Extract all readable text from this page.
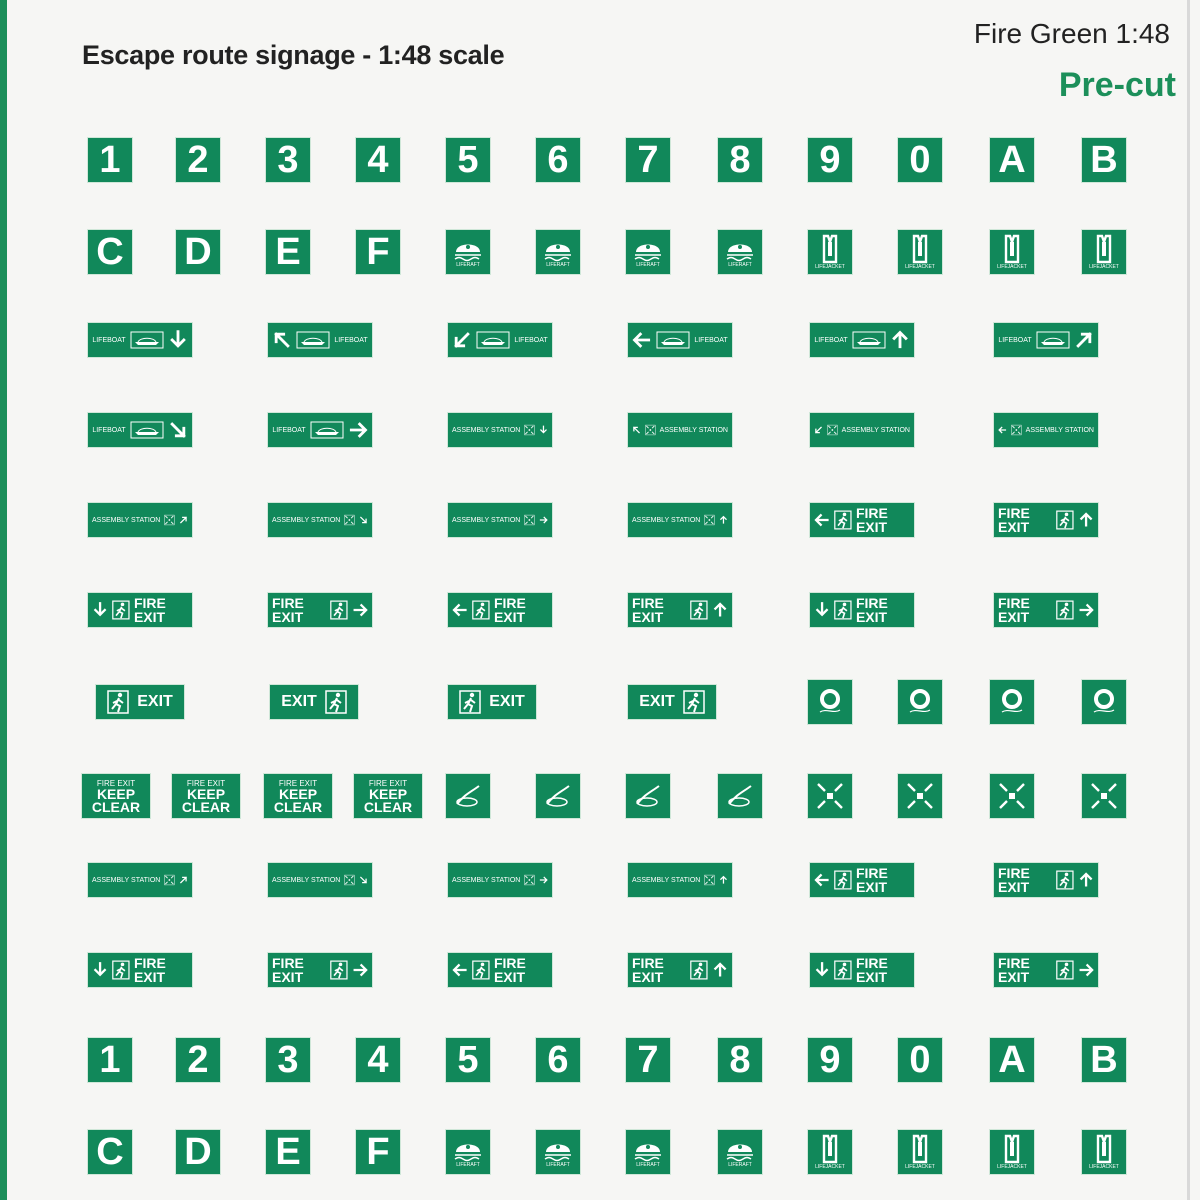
Escape route signage - 1:48 scale
Fire Green 1:48
Pre-cut
1 2 3 4 5 6 7 8 9 0 A B
C D E F	LIFERAFT	LIFERAFT	LIFERAFT	LIFERAFT	LIFEJACKET	LIFEJACKET	LIFEJACKET	LIFEJACKET
LIFEBOAT	LIFEBOAT	LIFEBOAT	LIFEBOAT	LIFEBOAT	LIFEBOAT
LIFEBOAT	LIFEBOAT	ASSEMBLY STATION	ASSEMBLY STATION	ASSEMBLY STATION	ASSEMBLY STATION
ASSEMBLY STATION	ASSEMBLY STATION	ASSEMBLY STATION	ASSEMBLY STATION	FIRE EXIT
FIRE EXIT
FIRE EXIT
FIRE EXIT
FIRE EXIT
FIRE EXIT
FIRE EXIT
FIRE EXIT
EXIT	EXIT	EXIT	EXIT
FIRE EXIT
KEEP CLEAR
FIRE EXIT
KEEP CLEAR
FIRE EXIT
KEEP CLEAR
FIRE EXIT
KEEP CLEAR
ASSEMBLY STATION	ASSEMBLY STATION	ASSEMBLY STATION	ASSEMBLY STATION	FIRE EXIT
FIRE EXIT
FIRE EXIT
FIRE EXIT
FIRE EXIT
FIRE EXIT
FIRE EXIT
FIRE EXIT
1 2 3 4 5 6 7 8 9 0 A B
C D E F	LIFERAFT	LIFERAFT	LIFERAFT	LIFERAFT	LIFEJACKET	LIFEJACKET	LIFEJACKET	LIFEJACKET
